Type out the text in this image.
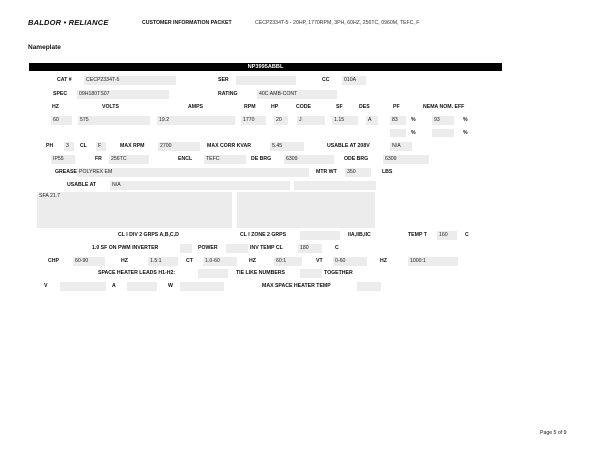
BALDOR • RELIANCE	CUSTOMER INFORMATION PACKET	CECP2334T-5 - 20HP, 1770RPM, 3PH, 60HZ, 256TC, 0960M, TEFC, F
Nameplate
NP3995ABBL
CAT #	CECP2334T-5	SER	CC	010A
SPEC	09H180TS07	RATING	40C AMB-CONT
HZ	VOLTS	AMPS	RPM	HP	CODE	SF	DES	PF	NEMA NOM. EFF
60	575	19.2	1770	20	J	1.15	A	83	%	93	%
%	%
PH	3	CL	F	MAX RPM	2700	MAX CORR KVAR	5.45	USABLE AT 208V	N/A
IP55	FR	256TC	ENCL	TEFC	DE BRG	6309	ODE BRG	6309
GREASE POLYREX EM	MTR WT	350	LBS
USABLE AT	N/A
SFA 21.7
CL I DIV 2 GRPS A,B,C,D	CL I ZONE 2 GRPS	IIA,IIB,IIC	TEMP T	160	C
1.0 SF ON PWM INVERTER	POWER	INV TEMP CL	180	C
CHP	60-90	HZ	1.5:1	CT	1.0-60	HZ	60:1	VT	0-60	HZ	1000:1
SPACE HEATER LEADS H1-H2:	TIE LIKE NUMBERS	TOGETHER
V	A	W	MAX SPACE HEATER TEMP
Page 5 of 9
